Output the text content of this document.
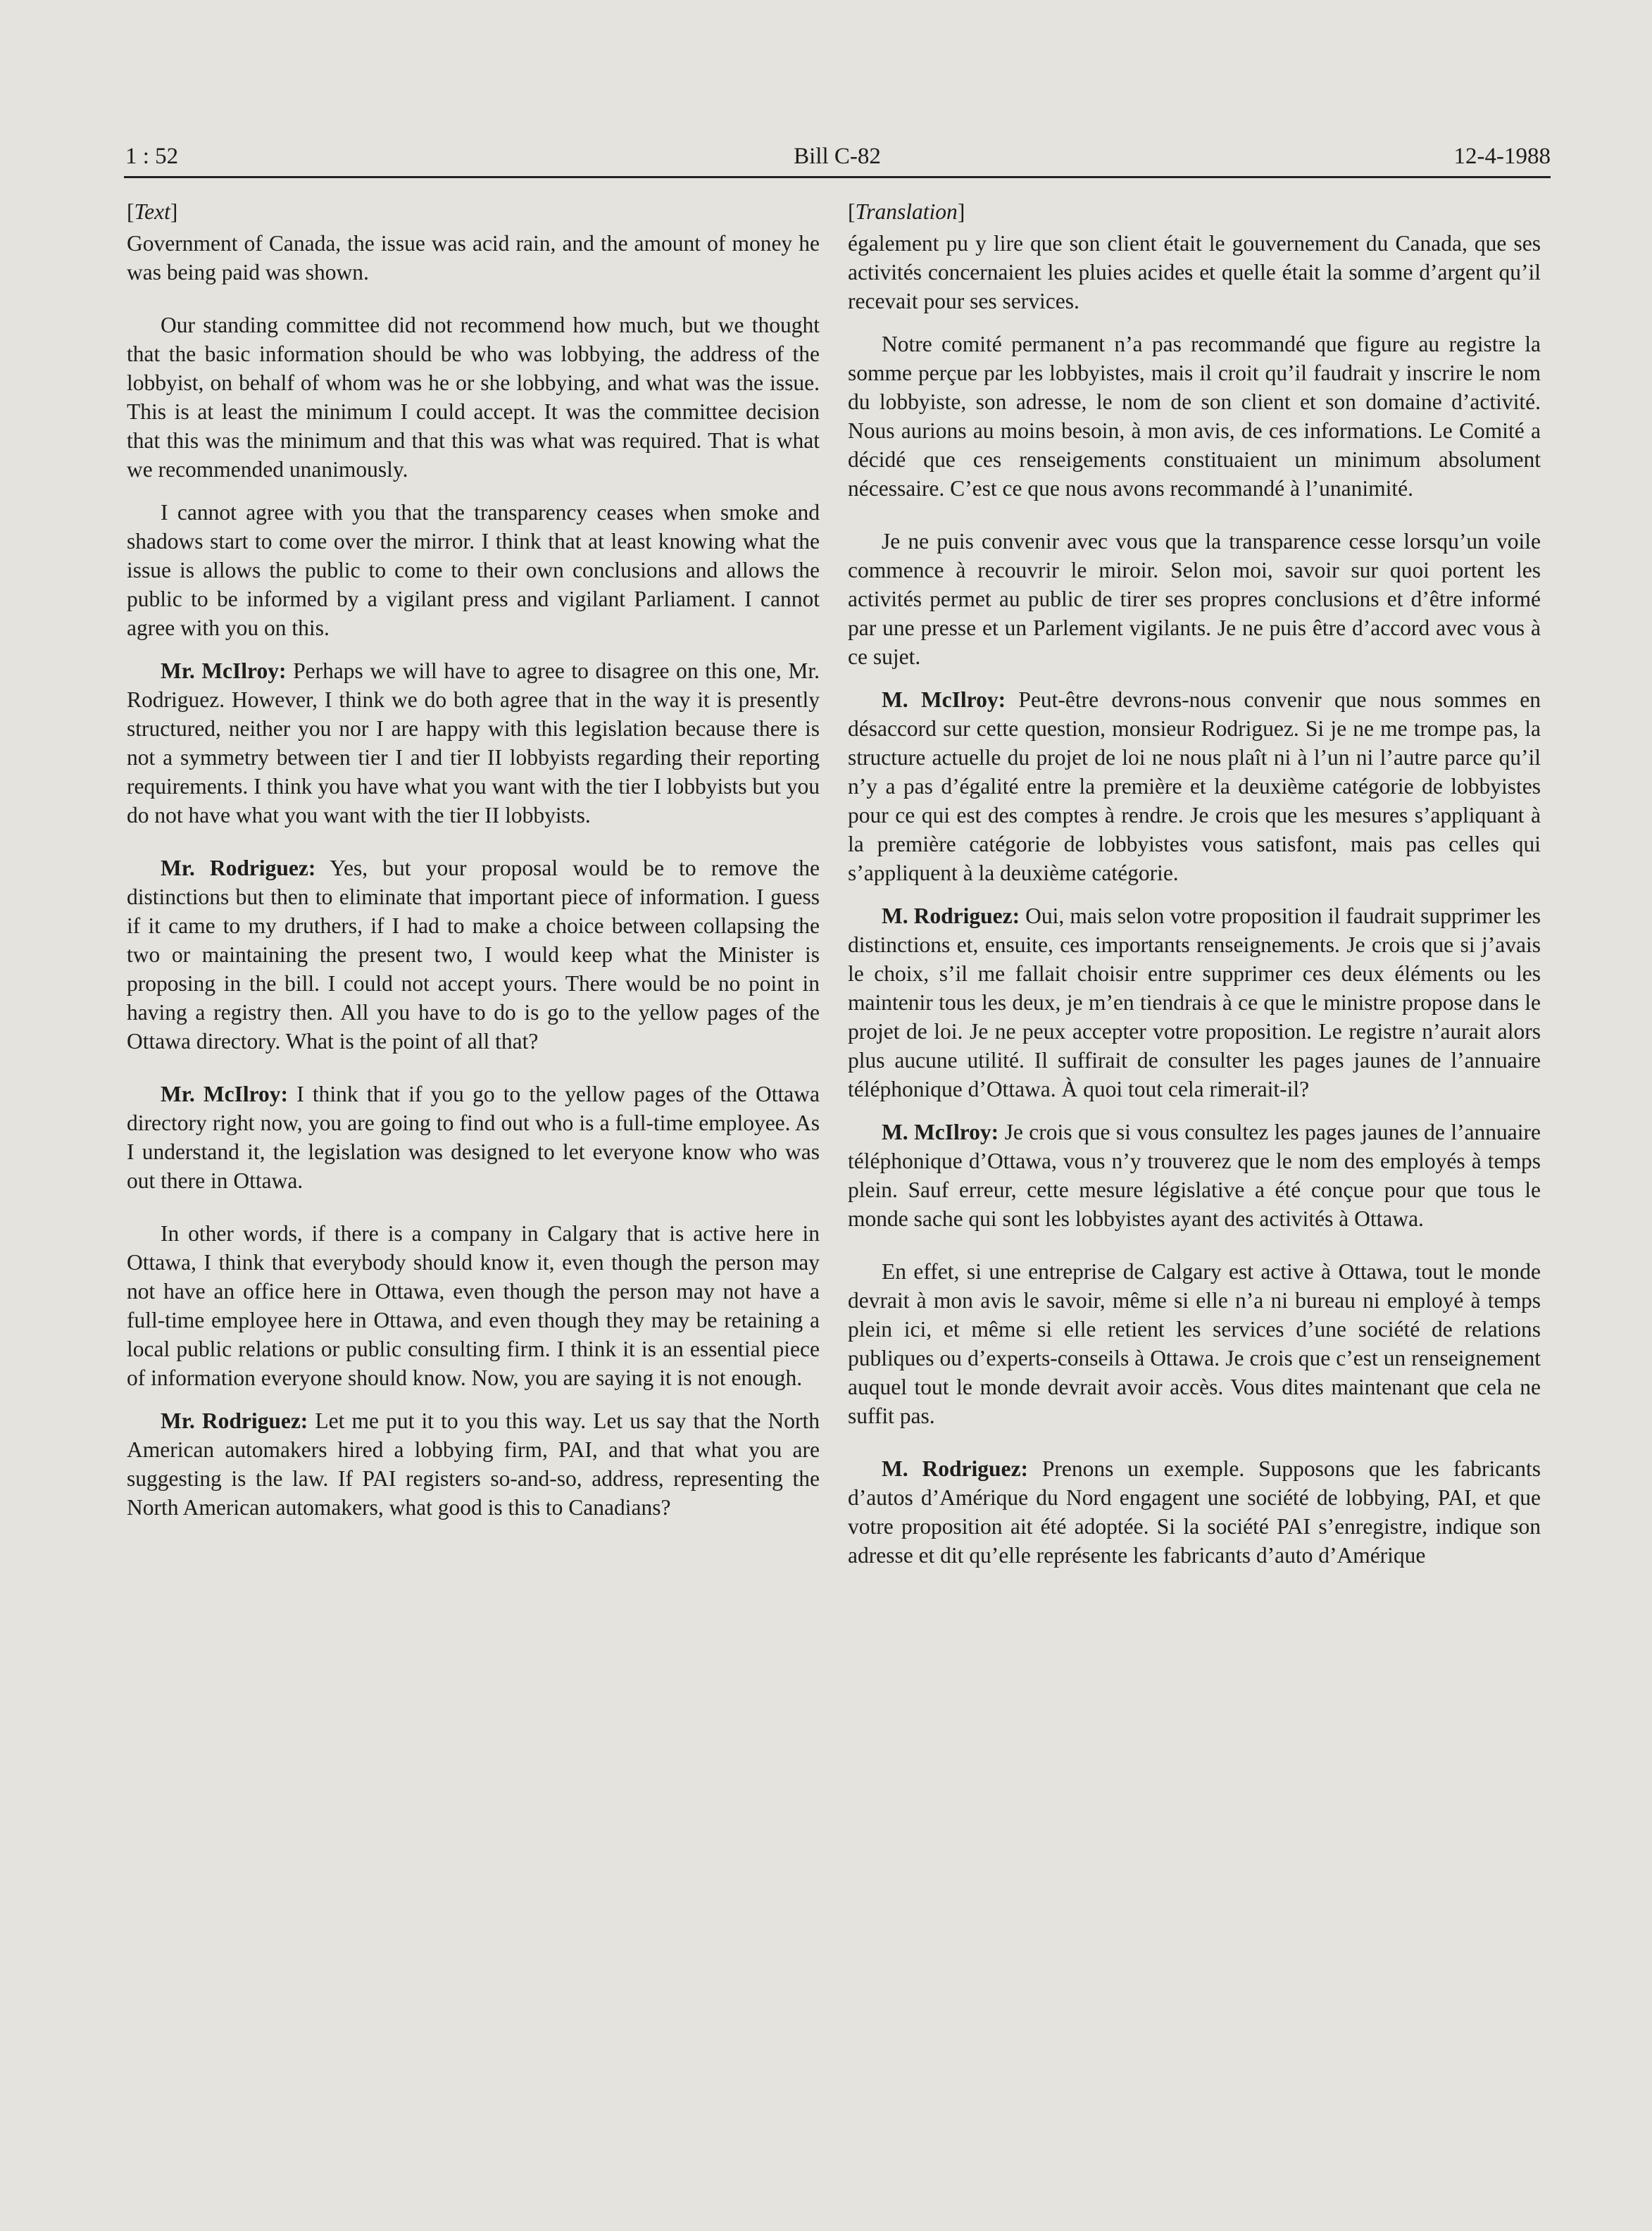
1 : 52	Bill C-82	12-4-1988
[Text]

Government of Canada, the issue was acid rain, and the amount of money he was being paid was shown.

Our standing committee did not recommend how much, but we thought that the basic information should be who was lobbying, the address of the lobbyist, on behalf of whom was he or she lobbying, and what was the issue. This is at least the minimum I could accept. It was the committee decision that this was the minimum and that this was what was required. That is what we recommended unanimously.

I cannot agree with you that the transparency ceases when smoke and shadows start to come over the mirror. I think that at least knowing what the issue is allows the public to come to their own conclusions and allows the public to be informed by a vigilant press and vigilant Parliament. I cannot agree with you on this.

Mr. McIlroy: Perhaps we will have to agree to disagree on this one, Mr. Rodriguez. However, I think we do both agree that in the way it is presently structured, neither you nor I are happy with this legislation because there is not a symmetry between tier I and tier II lobbyists regarding their reporting requirements. I think you have what you want with the tier I lobbyists but you do not have what you want with the tier II lobbyists.

Mr. Rodriguez: Yes, but your proposal would be to remove the distinctions but then to eliminate that important piece of information. I guess if it came to my druthers, if I had to make a choice between collapsing the two or maintaining the present two, I would keep what the Minister is proposing in the bill. I could not accept yours. There would be no point in having a registry then. All you have to do is go to the yellow pages of the Ottawa directory. What is the point of all that?

Mr. McIlroy: I think that if you go to the yellow pages of the Ottawa directory right now, you are going to find out who is a full-time employee. As I understand it, the legislation was designed to let everyone know who was out there in Ottawa.

In other words, if there is a company in Calgary that is active here in Ottawa, I think that everybody should know it, even though the person may not have an office here in Ottawa, even though the person may not have a full-time employee here in Ottawa, and even though they may be retaining a local public relations or public consulting firm. I think it is an essential piece of information everyone should know. Now, you are saying it is not enough.

Mr. Rodriguez: Let me put it to you this way. Let us say that the North American automakers hired a lobbying firm, PAI, and that what you are suggesting is the law. If PAI registers so-and-so, address, representing the North American automakers, what good is this to Canadians?

[Translation]

également pu y lire que son client était le gouvernement du Canada, que ses activités concernaient les pluies acides et quelle était la somme d’argent qu’il recevait pour ses services.

Notre comité permanent n’a pas recommandé que figure au registre la somme perçue par les lobbyistes, mais il croit qu’il faudrait y inscrire le nom du lobbyiste, son adresse, le nom de son client et son domaine d’activité. Nous aurions au moins besoin, à mon avis, de ces informations. Le Comité a décidé que ces renseigements constituaient un minimum absolument nécessaire. C’est ce que nous avons recommandé à l’unanimité.

Je ne puis convenir avec vous que la transparence cesse lorsqu’un voile commence à recouvrir le miroir. Selon moi, savoir sur quoi portent les activités permet au public de tirer ses propres conclusions et d’être informé par une presse et un Parlement vigilants. Je ne puis être d’accord avec vous à ce sujet.

M. McIlroy: Peut-être devrons-nous convenir que nous sommes en désaccord sur cette question, monsieur Rodriguez. Si je ne me trompe pas, la structure actuelle du projet de loi ne nous plaît ni à l’un ni l’autre parce qu’il n’y a pas d’égalité entre la première et la deuxième catégorie de lobbyistes pour ce qui est des comptes à rendre. Je crois que les mesures s’appliquant à la première catégorie de lobbyistes vous satisfont, mais pas celles qui s’appliquent à la deuxième catégorie.

M. Rodriguez: Oui, mais selon votre proposition il faudrait supprimer les distinctions et, ensuite, ces importants renseignements. Je crois que si j’avais le choix, s’il me fallait choisir entre supprimer ces deux éléments ou les maintenir tous les deux, je m’en tiendrais à ce que le ministre propose dans le projet de loi. Je ne peux accepter votre proposition. Le registre n’aurait alors plus aucune utilité. Il suffirait de consulter les pages jaunes de l’annuaire téléphonique d’Ottawa. À quoi tout cela rimerait-il?

M. McIlroy: Je crois que si vous consultez les pages jaunes de l’annuaire téléphonique d’Ottawa, vous n’y trouverez que le nom des employés à temps plein. Sauf erreur, cette mesure législative a été conçue pour que tous le monde sache qui sont les lobbyistes ayant des activités à Ottawa.

En effet, si une entreprise de Calgary est active à Ottawa, tout le monde devrait à mon avis le savoir, même si elle n’a ni bureau ni employé à temps plein ici, et même si elle retient les services d’une société de relations publiques ou d’experts-conseils à Ottawa. Je crois que c’est un renseignement auquel tout le monde devrait avoir accès. Vous dites maintenant que cela ne suffit pas.

M. Rodriguez: Prenons un exemple. Supposons que les fabricants d’autos d’Amérique du Nord engagent une société de lobbying, PAI, et que votre proposition ait été adoptée. Si la société PAI s’enregistre, indique son adresse et dit qu’elle représente les fabricants d’auto d’Amérique
